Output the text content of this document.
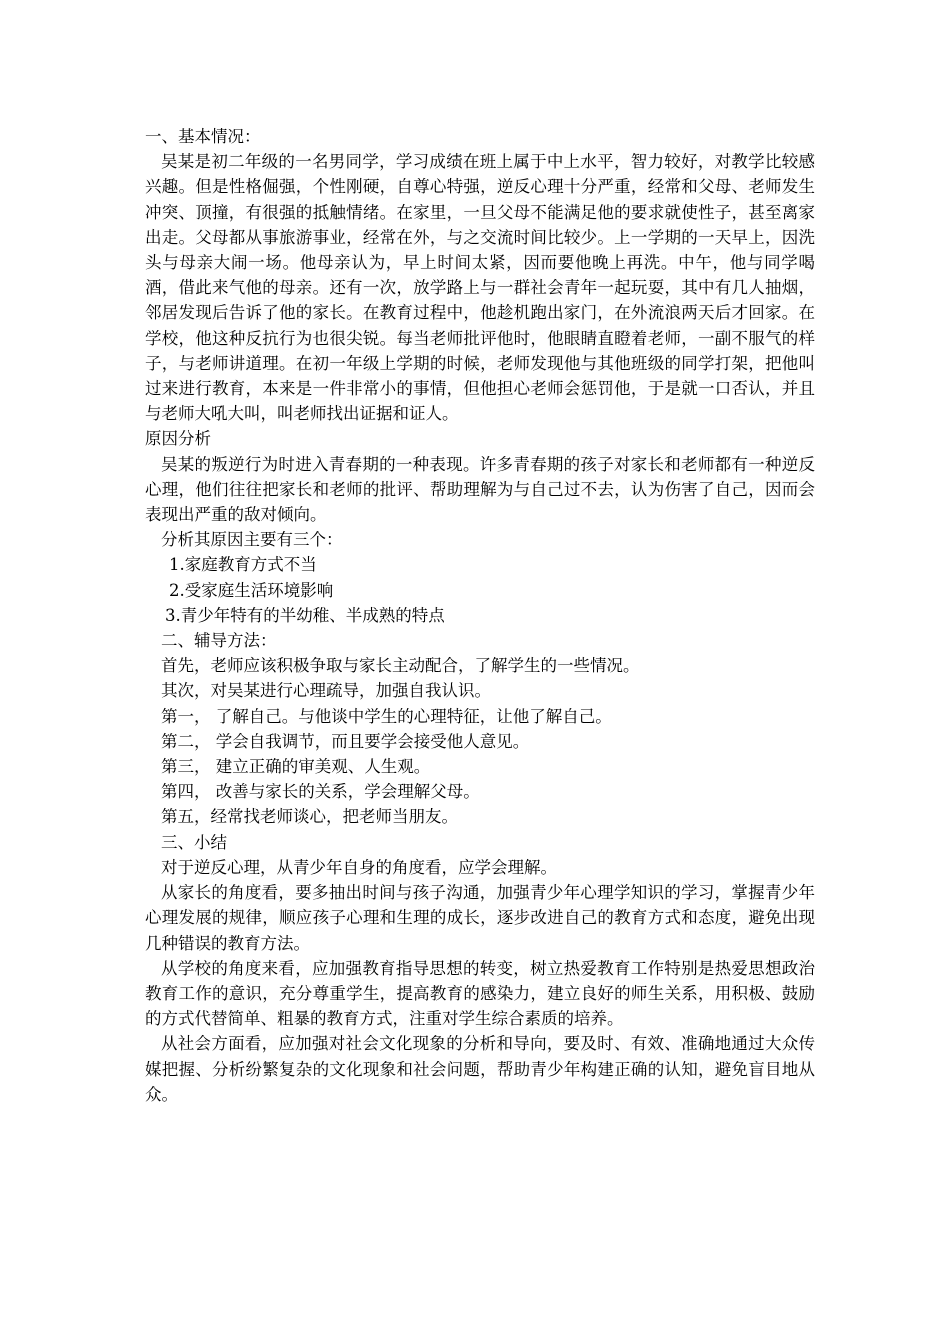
一、基本情况：

吴某是初二年级的一名男同学，学习成绩在班上属于中上水平，智力较好，对教学比较感兴趣。但是性格倔强，个性刚硬，自尊心特强，逆反心理十分严重，经常和父母、老师发生冲突、顶撞，有很强的抵触情绪。在家里，一旦父母不能满足他的要求就使性子，甚至离家出走。父母都从事旅游事业，经常在外，与之交流时间比较少。上一学期的一天早上，因洗头与母亲大闹一场。他母亲认为，早上时间太紧，因而要他晚上再洗。中午，他与同学喝酒，借此来气他的母亲。还有一次，放学路上与一群社会青年一起玩耍，其中有几人抽烟，邻居发现后告诉了他的家长。在教育过程中，他趁机跑出家门，在外流浪两天后才回家。在学校，他这种反抗行为也很尖锐。每当老师批评他时，他眼睛直瞪着老师，一副不服气的样子，与老师讲道理。在初一年级上学期的时候，老师发现他与其他班级的同学打架，把他叫过来进行教育，本来是一件非常小的事情，但他担心老师会惩罚他，于是就一口否认，并且与老师大吼大叫，叫老师找出证据和证人。

原因分析

吴某的叛逆行为时进入青春期的一种表现。许多青春期的孩子对家长和老师都有一种逆反心理，他们往往把家长和老师的批评、帮助理解为与自己过不去，认为伤害了自己，因而会表现出严重的敌对倾向。

分析其原因主要有三个：

1.家庭教育方式不当

2.受家庭生活环境影响

3.青少年特有的半幼稚、半成熟的特点

二、辅导方法：

首先，老师应该积极争取与家长主动配合，了解学生的一些情况。

其次，对吴某进行心理疏导，加强自我认识。

第一， 了解自己。与他谈中学生的心理特征，让他了解自己。

第二， 学会自我调节，而且要学会接受他人意见。

第三， 建立正确的审美观、人生观。

第四， 改善与家长的关系，学会理解父母。

第五，经常找老师谈心，把老师当朋友。

三、小结

对于逆反心理，从青少年自身的角度看，应学会理解。

从家长的角度看，要多抽出时间与孩子沟通，加强青少年心理学知识的学习，掌握青少年心理发展的规律，顺应孩子心理和生理的成长，逐步改进自己的教育方式和态度，避免出现几种错误的教育方法。

从学校的角度来看，应加强教育指导思想的转变，树立热爱教育工作特别是热爱思想政治教育工作的意识，充分尊重学生，提高教育的感染力，建立良好的师生关系，用积极、鼓励的方式代替简单、粗暴的教育方式，注重对学生综合素质的培养。

从社会方面看，应加强对社会文化现象的分析和导向，要及时、有效、准确地通过大众传媒把握、分析纷繁复杂的文化现象和社会问题，帮助青少年构建正确的认知，避免盲目地从众。
